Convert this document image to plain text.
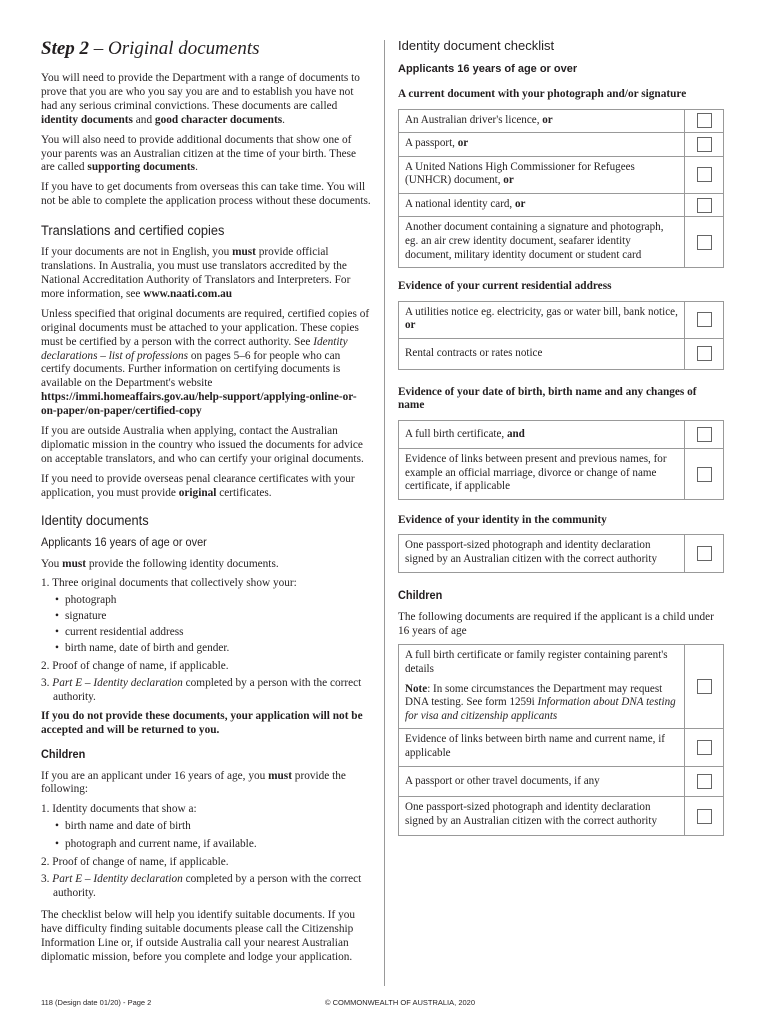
Step 2 – Original documents

You will need to provide the Department with a range of documents to prove that you are who you say you are and to establish you have not had any serious criminal convictions. These documents are called identity documents and good character documents.

You will also need to provide additional documents that show one of your parents was an Australian citizen at the time of your birth. These are called supporting documents.

If you have to get documents from overseas this can take time. You will not be able to complete the application process without these documents.

Translations and certified copies

If your documents are not in English, you must provide official translations. In Australia, you must use translators accredited by the National Accreditation Authority of Translators and Interpreters. For more information, see www.naati.com.au

Unless specified that original documents are required, certified copies of original documents must be attached to your application. These copies must be certified by a person with the correct authority. See Identity declarations – list of professions on pages 5–6 for people who can certify documents. Further information on certifying documents is available on the Department's website https://immi.homeaffairs.gov.au/help-support/applying-online-or-on-paper/on-paper/certified-copy

If you are outside Australia when applying, contact the Australian diplomatic mission in the country who issued the documents for advice on acceptable translators, and who can certify your original documents.

If you need to provide overseas penal clearance certificates with your application, you must provide original certificates.

Identity documents
Applicants 16 years of age or over

You must provide the following identity documents.

1. Three original documents that collectively show your:
• photograph
• signature
• current residential address
• birth name, date of birth and gender.
2. Proof of change of name, if applicable.
3. Part E – Identity declaration completed by a person with the correct authority.

If you do not provide these documents, your application will not be accepted and will be returned to you.

Children

If you are an applicant under 16 years of age, you must provide the following:

1. Identity documents that show a:
• birth name and date of birth
• photograph and current name, if available.
2. Proof of change of name, if applicable.
3. Part E – Identity declaration completed by a person with the correct authority.

The checklist below will help you identify suitable documents. If you have difficulty finding suitable documents please call the Citizenship Information Line or, if outside Australia call your nearest Australian diplomatic mission, before you complete and lodge your application.

Identity document checklist
Applicants 16 years of age or over
A current document with your photograph and/or signature
An Australian driver's licence, or	
A passport, or	
A United Nations High Commissioner for Refugees (UNHCR) document, or	
A national identity card, or	
Another document containing a signature and photograph, eg. an air crew identity document, seafarer identity document, military identity document or student card	
Evidence of your current residential address
A utilities notice eg. electricity, gas or water bill, bank notice, or	
Rental contracts or rates notice	
Evidence of your date of birth, birth name and any changes of name
A full birth certificate, and	
Evidence of links between present and previous names, for example an official marriage, divorce or change of name certificate, if applicable	
Evidence of your identity in the community
One passport-sized photograph and identity declaration signed by an Australian citizen with the correct authority	
Children

The following documents are required if the applicant is a child under 16 years of age

A full birth certificate or family register containing parent's details
Note: In some circumstances the Department may request DNA testing. See form 1259i Information about DNA testing for visa and citizenship applicants	

Evidence of links between birth name and current name, if applicable	
A passport or other travel documents, if any	
One passport-sized photograph and identity declaration signed by an Australian citizen with the correct authority	
118 (Design date 01/20) - Page 2	© COMMONWEALTH OF AUSTRALIA, 2020
